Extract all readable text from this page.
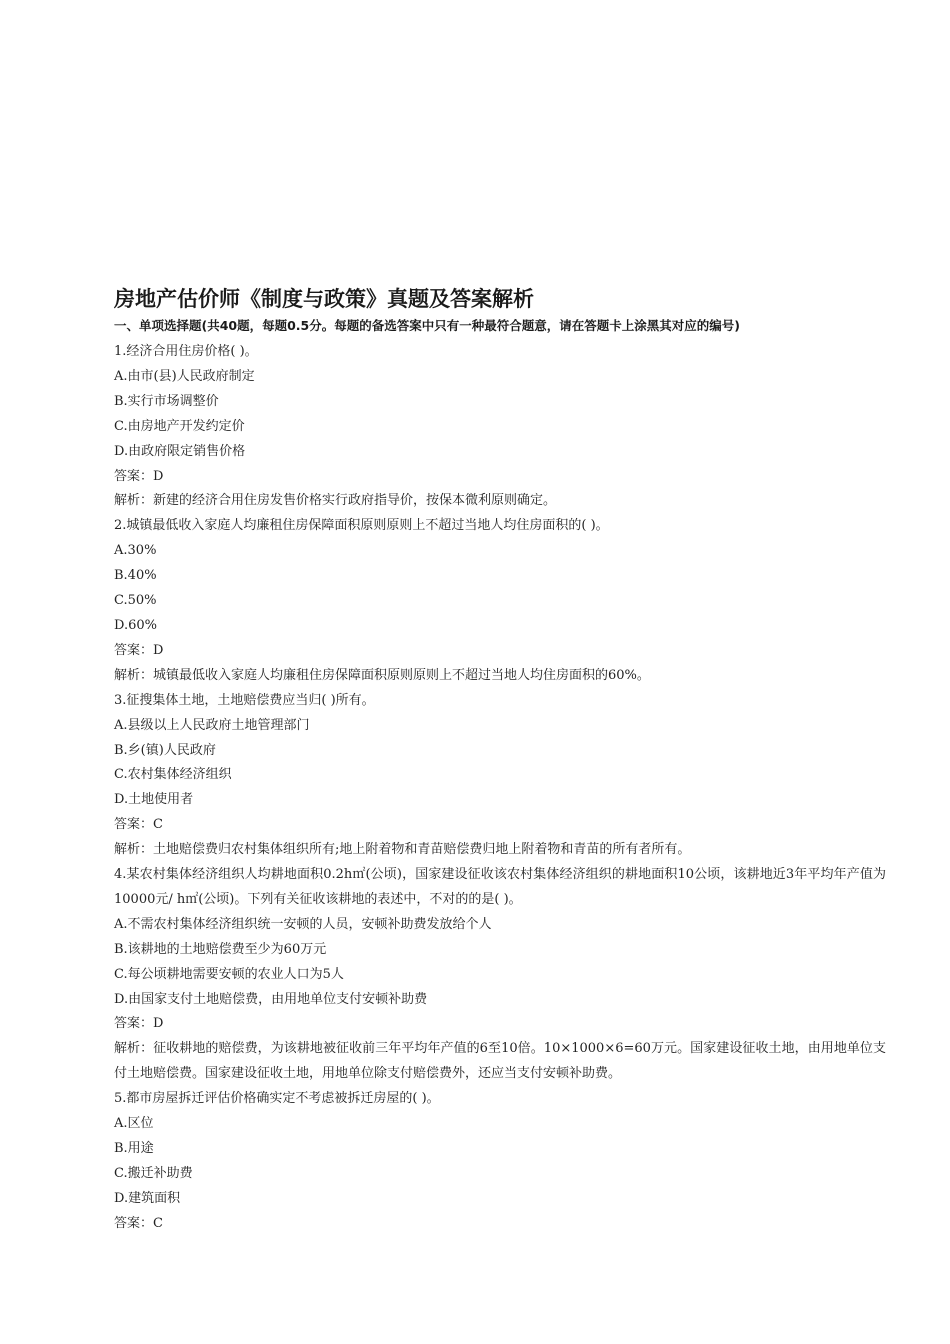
房地产估价师《制度与政策》真题及答案解析
一、单项选择题(共40题，每题0.5分。每题的备选答案中只有一种最符合题意，请在答题卡上涂黑其对应的编号)

1.经济合用住房价格( )。

A.由市(县)人民政府制定

B.实行市场调整价

C.由房地产开发约定价

D.由政府限定销售价格

答案：D

解析：新建的经济合用住房发售价格实行政府指导价，按保本微利原则确定。

2.城镇最低收入家庭人均廉租住房保障面积原则原则上不超过当地人均住房面积的( )。

A.30%

B.40%

C.50%

D.60%

答案：D

解析：城镇最低收入家庭人均廉租住房保障面积原则原则上不超过当地人均住房面积的60%。

3.征搜集体土地，土地赔偿费应当归( )所有。

A.县级以上人民政府土地管理部门

B.乡(镇)人民政府

C.农村集体经济组织

D.土地使用者

答案：C

解析：土地赔偿费归农村集体组织所有;地上附着物和青苗赔偿费归地上附着物和青苗的所有者所有。

4.某农村集体经济组织人均耕地面积0.2h㎡(公顷)，国家建设征收该农村集体经济组织的耕地面积10公顷，该耕地近3年平均年产值为10000元/ h㎡(公顷)。下列有关征收该耕地的表述中，不对的的是( )。

A.不需农村集体经济组织统一安顿的人员，安顿补助费发放给个人

B.该耕地的土地赔偿费至少为60万元

C.每公顷耕地需要安顿的农业人口为5人

D.由国家支付土地赔偿费，由用地单位支付安顿补助费

答案：D

解析：征收耕地的赔偿费，为该耕地被征收前三年平均年产值的6至10倍。10×1000×6=60万元。国家建设征收土地，由用地单位支付土地赔偿费。国家建设征收土地，用地单位除支付赔偿费外，还应当支付安顿补助费。

5.都市房屋拆迁评估价格确实定不考虑被拆迁房屋的( )。

A.区位

B.用途

C.搬迁补助费

D.建筑面积

答案：C
